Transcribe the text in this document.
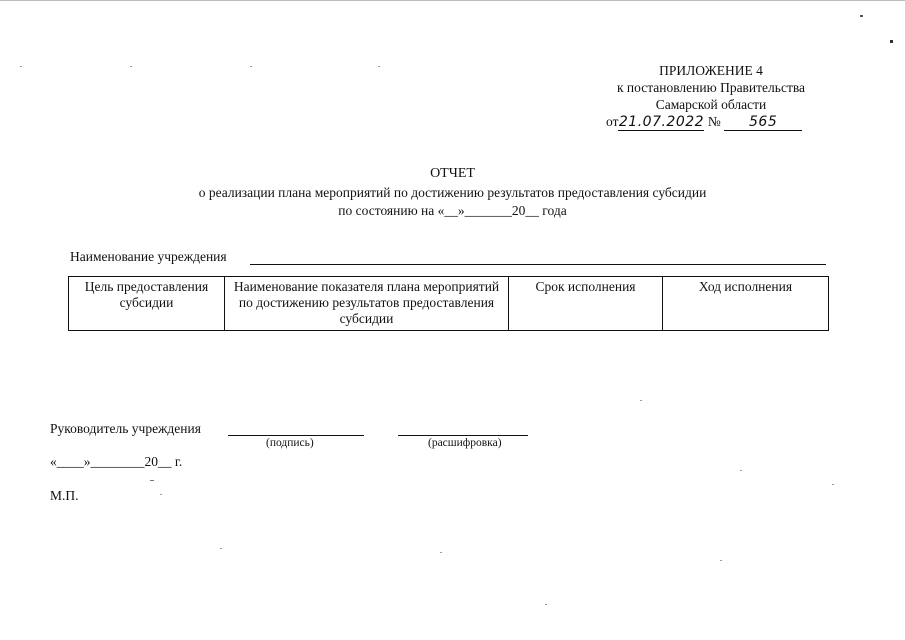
ПРИЛОЖЕНИЕ 4
к постановлению Правительства
Самарской области
от21.07.2022 № 565
ОТЧЕТ
о реализации плана мероприятий по достижению результатов предоставления субсидии
по состоянию на «__»_______20__ года
Наименование учреждения
Цель предоставления субсидии	Наименование показателя плана мероприятий по достижению результатов предоставления субсидии	Срок исполнения	Ход исполнения
Руководитель учреждения
(подпись)	(расшифровка)
«____»________20__ г.
М.П.
